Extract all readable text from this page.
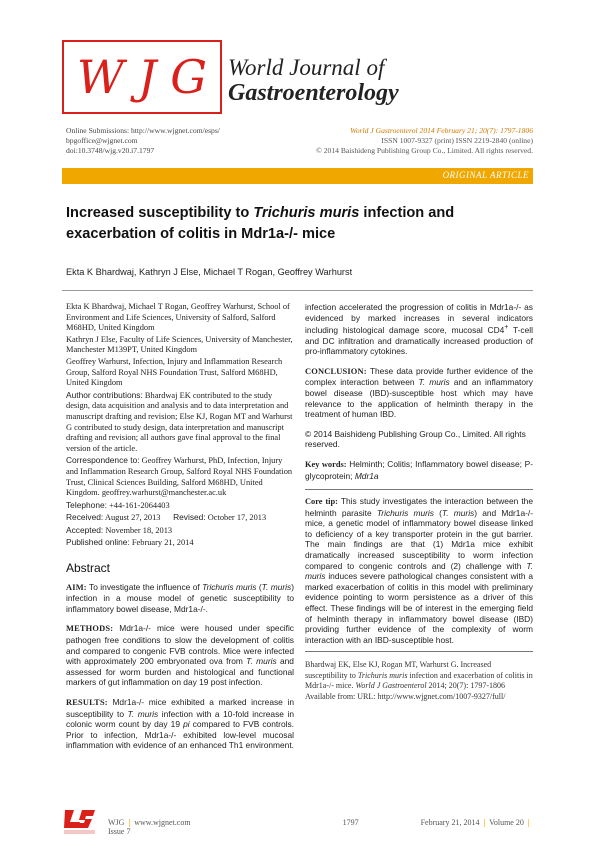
W J G World Journal of
Gastroenterology
Online Submissions: http://www.wjgnet.com/esps/
bpgoffice@wjgnet.com
doi:10.3748/wjg.v20.i7.1797
World J Gastroenterol 2014 February 21; 20(7): 1797-1806
ISSN 1007-9327 (print) ISSN 2219-2840 (online)
© 2014 Baishideng Publishing Group Co., Limited. All rights reserved.
ORIGINAL ARTICLE
Increased susceptibility to Trichuris muris infection and exacerbation of colitis in Mdr1a-/- mice
Ekta K Bhardwaj, Kathryn J Else, Michael T Rogan, Geoffrey Warhurst

Ekta K Bhardwaj, Michael T Rogan, Geoffrey Warhurst, School of Environment and Life Sciences, University of Salford, Salford M68HD, United Kingdom

Kathryn J Else, Faculty of Life Sciences, University of Manchester, Manchester M139PT, United Kingdom

Geoffrey Warhurst, Infection, Injury and Inflammation Research Group, Salford Royal NHS Foundation Trust, Salford M68HD, United Kingdom

Author contributions: Bhardwaj EK contributed to the study design, data acquisition and analysis and to data interpretation and manuscript drafting and revision; Else KJ, Rogan MT and Warhurst G contributed to study design, data interpretation and manuscript drafting and revision; all authors gave final approval to the final version of the article.

Correspondence to: Geoffrey Warhurst, PhD, Infection, Injury and Inflammation Research Group, Salford Royal NHS Foundation Trust, Clinical Sciences Building, Salford M68HD, United Kingdom. geoffrey.warhurst@manchester.ac.uk

Telephone: +44-161-2064403

Received: August 27, 2013 Revised: October 17, 2013

Accepted: November 18, 2013

Published online: February 21, 2014

Abstract

AIM: To investigate the influence of Trichuris muris (T. muris) infection in a mouse model of genetic susceptibility to inflammatory bowel disease, Mdr1a-/-.

METHODS: Mdr1a-/- mice were housed under specific pathogen free conditions to slow the development of colitis and compared to congenic FVB controls. Mice were infected with approximately 200 embryonated ova from T. muris and assessed for worm burden and histological and functional markers of gut inflammation on day 19 post infection.

RESULTS: Mdr1a-/- mice exhibited a marked increase in susceptibility to T. muris infection with a 10-fold increase in colonic worm count by day 19 pi compared to FVB controls. Prior to infection, Mdr1a-/- exhibited low-level mucosal inflammation with evidence of an enhanced Th1 environment.

infection accelerated the progression of colitis in Mdr1a-/- as evidenced by marked increases in several indicators including histological damage score, mucosal CD4+ T-cell and DC infiltration and dramatically increased production of pro-inflammatory cytokines.

CONCLUSION: These data provide further evidence of the complex interaction between T. muris and an inflammatory bowel disease (IBD)-susceptible host which may have relevance to the application of helminth therapy in the treatment of human IBD.

© 2014 Baishideng Publishing Group Co., Limited. All rights reserved.

Key words: Helminth; Colitis; Inflammatory bowel disease; P-glycoprotein; Mdr1a

Core tip: This study investigates the interaction between the helminth parasite Trichuris muris (T. muris) and Mdr1a-/- mice, a genetic model of inflammatory bowel disease linked to deficiency of a key transporter protein in the gut barrier. The main findings are that (1) Mdr1a mice exhibit dramatically increased susceptibility to worm infection compared to congenic controls and (2) challenge with T. muris induces severe pathological changes consistent with a marked exacerbation of colitis in this model with preliminary evidence pointing to worm persistence as a driver of this effect. These findings will be of interest in the emerging field of helminth therapy in inflammatory bowel disease (IBD) providing further evidence of the complexity of worm interaction with an IBD-susceptible host.
Bhardwaj EK, Else KJ, Rogan MT, Warhurst G. Increased susceptibility to Trichuris muris infection and exacerbation of colitis in Mdr1a-/- mice. World J Gastroenterol 2014; 20(7): 1797-1806 Available from: URL: http://www.wjgnet.com/1007-9327/full/
WJG | www.wjgnet.com	1797	February 21, 2014 | Volume 20 | Issue 7
